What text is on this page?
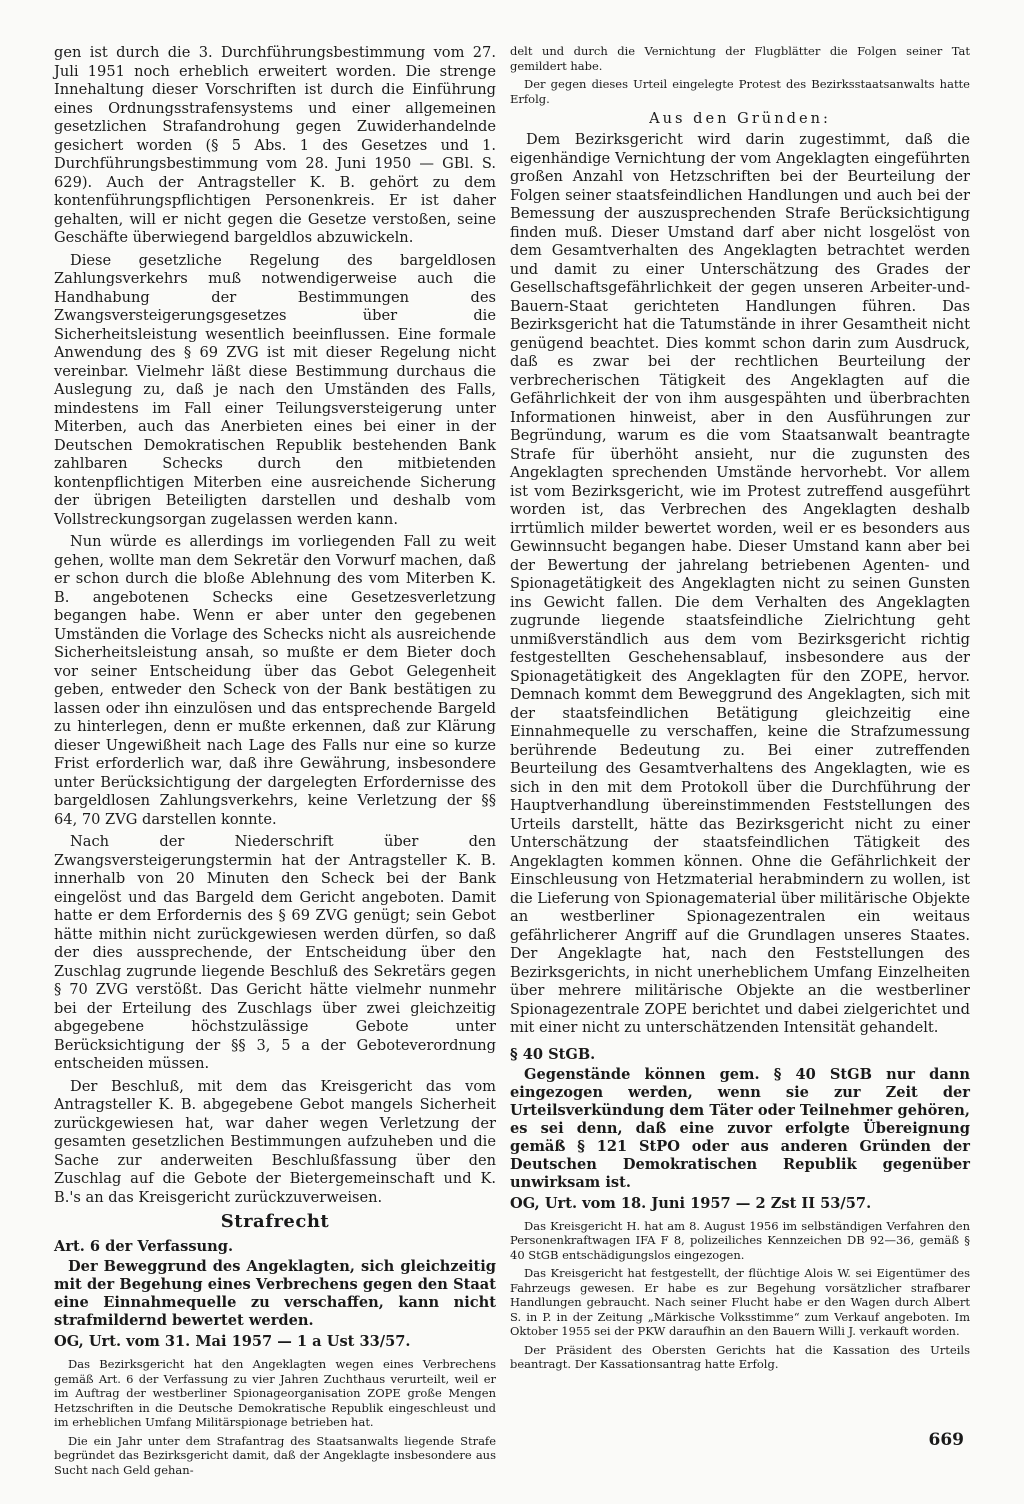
gen ist durch die 3. Durchführungsbestimmung vom 27. Juli 1951 noch erheblich erweitert worden. Die strenge Innehaltung dieser Vorschriften ist durch die Einführung eines Ordnungsstrafensystems und einer allgemeinen gesetzlichen Strafandrohung gegen Zuwiderhandelnde gesichert worden (§ 5 Abs. 1 des Gesetzes und 1. Durchführungsbestimmung vom 28. Juni 1950 — GBl. S. 629). Auch der Antragsteller K. B. gehört zu dem kontenführungspflichtigen Personenkreis. Er ist daher gehalten, will er nicht gegen die Gesetze verstoßen, seine Geschäfte überwiegend bargeldlos abzuwickeln.

Diese gesetzliche Regelung des bargeldlosen Zahlungsverkehrs muß notwendigerweise auch die Handhabung der Bestimmungen des Zwangsversteigerungsgesetzes über die Sicherheitsleistung wesentlich beeinflussen. Eine formale Anwendung des § 69 ZVG ist mit dieser Regelung nicht vereinbar. Vielmehr läßt diese Bestimmung durchaus die Auslegung zu, daß je nach den Umständen des Falls, mindestens im Fall einer Teilungsversteigerung unter Miterben, auch das Anerbieten eines bei einer in der Deutschen Demokratischen Republik bestehenden Bank zahlbaren Schecks durch den mitbietenden kontenpflichtigen Miterben eine ausreichende Sicherung der übrigen Beteiligten darstellen und deshalb vom Vollstreckungsorgan zugelassen werden kann.

Nun würde es allerdings im vorliegenden Fall zu weit gehen, wollte man dem Sekretär den Vorwurf machen, daß er schon durch die bloße Ablehnung des vom Miterben K. B. angebotenen Schecks eine Gesetzesverletzung begangen habe. Wenn er aber unter den gegebenen Umständen die Vorlage des Schecks nicht als ausreichende Sicherheitsleistung ansah, so mußte er dem Bieter doch vor seiner Entscheidung über das Gebot Gelegenheit geben, entweder den Scheck von der Bank bestätigen zu lassen oder ihn einzulösen und das entsprechende Bargeld zu hinterlegen, denn er mußte erkennen, daß zur Klärung dieser Ungewißheit nach Lage des Falls nur eine so kurze Frist erforderlich war, daß ihre Gewährung, insbesondere unter Berücksichtigung der dargelegten Erfordernisse des bargeldlosen Zahlungsverkehrs, keine Verletzung der §§ 64, 70 ZVG darstellen konnte.

Nach der Niederschrift über den Zwangsversteigerungstermin hat der Antragsteller K. B. innerhalb von 20 Minuten den Scheck bei der Bank eingelöst und das Bargeld dem Gericht angeboten. Damit hatte er dem Erfordernis des § 69 ZVG genügt; sein Gebot hätte mithin nicht zurückgewiesen werden dürfen, so daß der dies aussprechende, der Entscheidung über den Zuschlag zugrunde liegende Beschluß des Sekretärs gegen § 70 ZVG verstößt. Das Gericht hätte vielmehr nunmehr bei der Erteilung des Zuschlags über zwei gleichzeitig abgegebene höchstzulässige Gebote unter Berücksichtigung der §§ 3, 5 a der Geboteverordnung entscheiden müssen.

Der Beschluß, mit dem das Kreisgericht das vom Antragsteller K. B. abgegebene Gebot mangels Sicherheit zurückgewiesen hat, war daher wegen Verletzung der gesamten gesetzlichen Bestimmungen aufzuheben und die Sache zur anderweiten Beschlußfassung über den Zuschlag auf die Gebote der Bietergemeinschaft und K. B.'s an das Kreisgericht zurückzuverweisen.

Strafrecht

Art. 6 der Verfassung.

Der Beweggrund des Angeklagten, sich gleichzeitig mit der Begehung eines Verbrechens gegen den Staat eine Einnahmequelle zu verschaffen, kann nicht strafmildernd bewertet werden.

OG, Urt. vom 31. Mai 1957 — 1 a Ust 33/57.

Das Bezirksgericht hat den Angeklagten wegen eines Verbrechens gemäß Art. 6 der Verfassung zu vier Jahren Zuchthaus verurteilt, weil er im Auftrag der westberliner Spionageorganisation ZOPE große Mengen Hetzschriften in die Deutsche Demokratische Republik eingeschleust und im erheblichen Umfang Militärspionage betrieben hat.

Die ein Jahr unter dem Strafantrag des Staatsanwalts liegende Strafe begründet das Bezirksgericht damit, daß der Angeklagte insbesondere aus Sucht nach Geld gehan-

delt und durch die Vernichtung der Flugblätter die Folgen seiner Tat gemildert habe.

Der gegen dieses Urteil eingelegte Protest des Bezirksstaatsanwalts hatte Erfolg.

Aus den Gründen:

Dem Bezirksgericht wird darin zugestimmt, daß die eigenhändige Vernichtung der vom Angeklagten eingeführten großen Anzahl von Hetzschriften bei der Beurteilung der Folgen seiner staatsfeindlichen Handlungen und auch bei der Bemessung der auszusprechenden Strafe Berücksichtigung finden muß. Dieser Umstand darf aber nicht losgelöst von dem Gesamtverhalten des Angeklagten betrachtet werden und damit zu einer Unterschätzung des Grades der Gesellschaftsgefährlichkeit der gegen unseren Arbeiter-und-Bauern-Staat gerichteten Handlungen führen. Das Bezirksgericht hat die Tatumstände in ihrer Gesamtheit nicht genügend beachtet. Dies kommt schon darin zum Ausdruck, daß es zwar bei der rechtlichen Beurteilung der verbrecherischen Tätigkeit des Angeklagten auf die Gefährlichkeit der von ihm ausgespähten und überbrachten Informationen hinweist, aber in den Ausführungen zur Begründung, warum es die vom Staatsanwalt beantragte Strafe für überhöht ansieht, nur die zugunsten des Angeklagten sprechenden Umstände hervorhebt. Vor allem ist vom Bezirksgericht, wie im Protest zutreffend ausgeführt worden ist, das Verbrechen des Angeklagten deshalb irrtümlich milder bewertet worden, weil er es besonders aus Gewinnsucht begangen habe. Dieser Umstand kann aber bei der Bewertung der jahrelang betriebenen Agenten- und Spionagetätigkeit des Angeklagten nicht zu seinen Gunsten ins Gewicht fallen. Die dem Verhalten des Angeklagten zugrunde liegende staatsfeindliche Zielrichtung geht unmißverständlich aus dem vom Bezirksgericht richtig festgestellten Geschehensablauf, insbesondere aus der Spionagetätigkeit des Angeklagten für den ZOPE, hervor. Demnach kommt dem Beweggrund des Angeklagten, sich mit der staatsfeindlichen Betätigung gleichzeitig eine Einnahmequelle zu verschaffen, keine die Strafzumessung berührende Bedeutung zu. Bei einer zutreffenden Beurteilung des Gesamtverhaltens des Angeklagten, wie es sich in den mit dem Protokoll über die Durchführung der Hauptverhandlung übereinstimmenden Feststellungen des Urteils darstellt, hätte das Bezirksgericht nicht zu einer Unterschätzung der staatsfeindlichen Tätigkeit des Angeklagten kommen können. Ohne die Gefährlichkeit der Einschleusung von Hetzmaterial herabmindern zu wollen, ist die Lieferung von Spionagematerial über militärische Objekte an westberliner Spionagezentralen ein weitaus gefährlicherer Angriff auf die Grundlagen unseres Staates. Der Angeklagte hat, nach den Feststellungen des Bezirksgerichts, in nicht unerheblichem Umfang Einzelheiten über mehrere militärische Objekte an die westberliner Spionagezentrale ZOPE berichtet und dabei zielgerichtet und mit einer nicht zu unterschätzenden Intensität gehandelt.

§ 40 StGB.

Gegenstände können gem. § 40 StGB nur dann eingezogen werden, wenn sie zur Zeit der Urteilsverkündung dem Täter oder Teilnehmer gehören, es sei denn, daß eine zuvor erfolgte Übereignung gemäß § 121 StPO oder aus anderen Gründen der Deutschen Demokratischen Republik gegenüber unwirksam ist.

OG, Urt. vom 18. Juni 1957 — 2 Zst II 53/57.

Das Kreisgericht H. hat am 8. August 1956 im selbständigen Verfahren den Personenkraftwagen IFA F 8, polizeiliches Kennzeichen DB 92—36, gemäß § 40 StGB entschädigungslos eingezogen.

Das Kreisgericht hat festgestellt, der flüchtige Alois W. sei Eigentümer des Fahrzeugs gewesen. Er habe es zur Begehung vorsätzlicher strafbarer Handlungen gebraucht. Nach seiner Flucht habe er den Wagen durch Albert S. in P. in der Zeitung „Märkische Volksstimme“ zum Verkauf angeboten. Im Oktober 1955 sei der PKW daraufhin an den Bauern Willi J. verkauft worden.

Der Präsident des Obersten Gerichts hat die Kassation des Urteils beantragt. Der Kassationsantrag hatte Erfolg.

669
